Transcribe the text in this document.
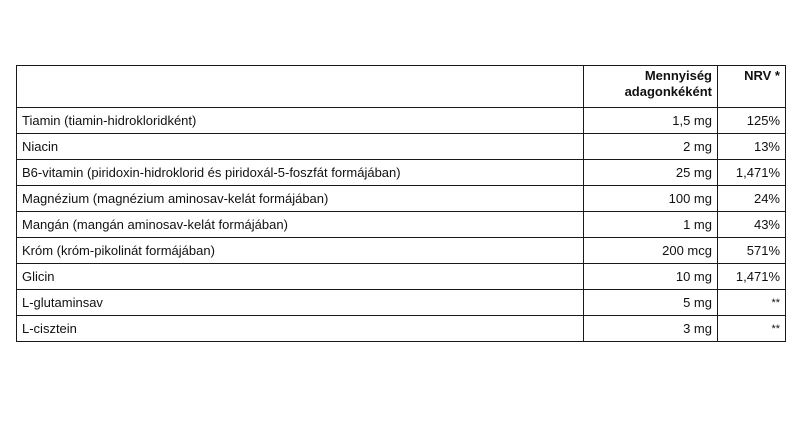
	Mennyiség adagonkéként	NRV *
Tiamin (tiamin-hidrokloridként)	1,5 mg	125%
Niacin	2 mg	13%
B6-vitamin (piridoxin-hidroklorid és piridoxál-5-foszfát formájában)	25 mg	1,471%
Magnézium (magnézium aminosav-kelát formájában)	100 mg	24%
Mangán (mangán aminosav-kelát formájában)	1 mg	43%
Króm (króm-pikolinát formájában)	200 mcg	571%
Glicin	10 mg	1,471%
L-glutaminsav	5 mg	**
L-cisztein	3 mg	**
